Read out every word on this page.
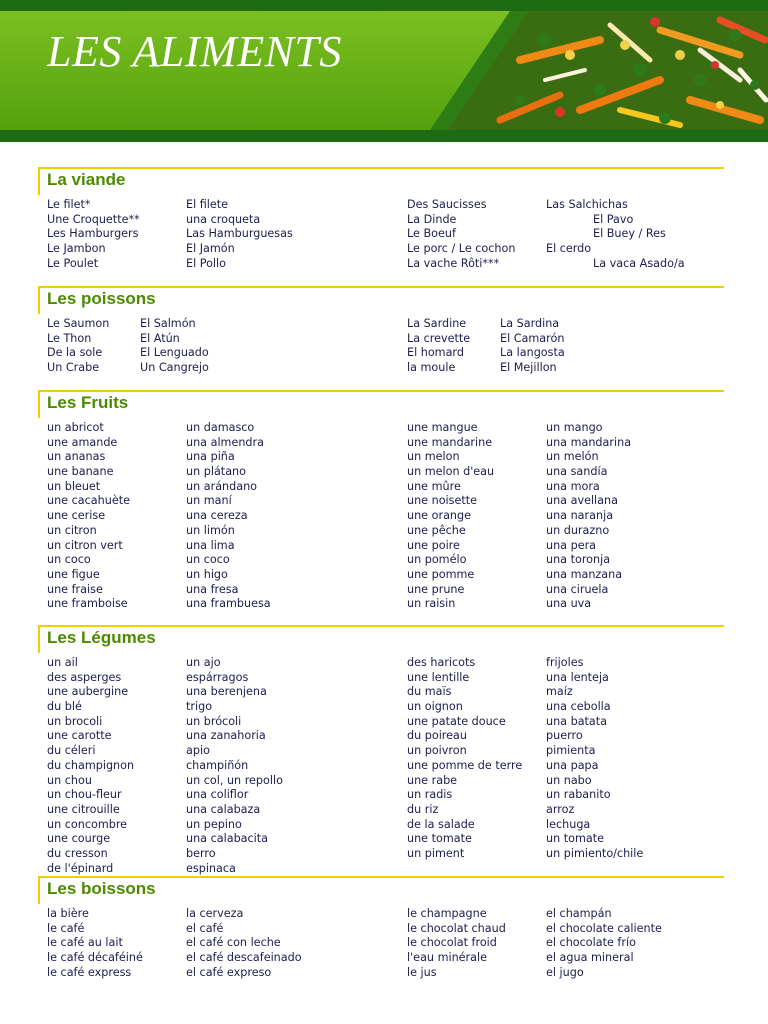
LES ALIMENTS
La viande
Le filet*	El filete	Des Saucisses	Las Salchichas
Une Croquette**	una croqueta	La Dinde	El Pavo
Les Hamburgers	Las Hamburguesas	Le Boeuf	El Buey / Res
Le Jambon	El Jamón	Le porc / Le cochon	El cerdo
Le Poulet	El Pollo	La vache Rôti***	La vaca Asado/a
Les poissons
Le Saumon	El Salmón	La Sardine	La Sardina
Le Thon	El Atún	La crevette	El Camarón
De la sole	El Lenguado	El homard	La langosta
Un Crabe	Un Cangrejo	la moule	El Mejillon
Les Fruits
un abricot	un damasco	une mangue	un mango
une amande	una almendra	une mandarine	una mandarina
un ananas	una piña	un melon	un melón
une banane	un plátano	un melon d'eau	una sandía
un bleuet	un arándano	une mûre	una mora
une cacahuète	un maní	une noisette	una avellana
une cerise	una cereza	une orange	una naranja
un citron	un limón	une pêche	un durazno
un citron vert	una lima	une poire	una pera
un coco	un coco	un pomélo	una toronja
une figue	un higo	une pomme	una manzana
une fraise	una fresa	une prune	una ciruela
une framboise	una frambuesa	un raisin	una uva
Les Légumes
un ail	un ajo	des haricots	frijoles
des asperges	espárragos	une lentille	una lenteja
une aubergine	una berenjena	du maïs	maíz
du blé	trigo	un oignon	una cebolla
un brocoli	un brócoli	une patate douce	una batata
une carotte	una zanahoria	du poireau	puerro
du céleri	apio	un poivron	pimienta
du champignon	champiñón	une pomme de terre una papa
un chou	un col, un repollo	une rabe	un nabo
un chou-fleur	una coliflor	un radis	un rabanito
une citrouille	una calabaza	du riz	arroz
un concombre	un pepino	de la salade	lechuga
une courge	una calabacita	une tomate	un tomate
du cresson	berro	un piment	un pimiento/chile
de l'épinard	espinaca
Les boissons
la bière	la cerveza	le champagne	el champán
le café	el café	le chocolat chaud	el chocolate caliente
le café au lait	el café con leche	le chocolat froid	el chocolate frío
le café décaféiné	el café descafeinado	l'eau minérale	el agua mineral
le café express	el café expreso	le jus	el jugo
